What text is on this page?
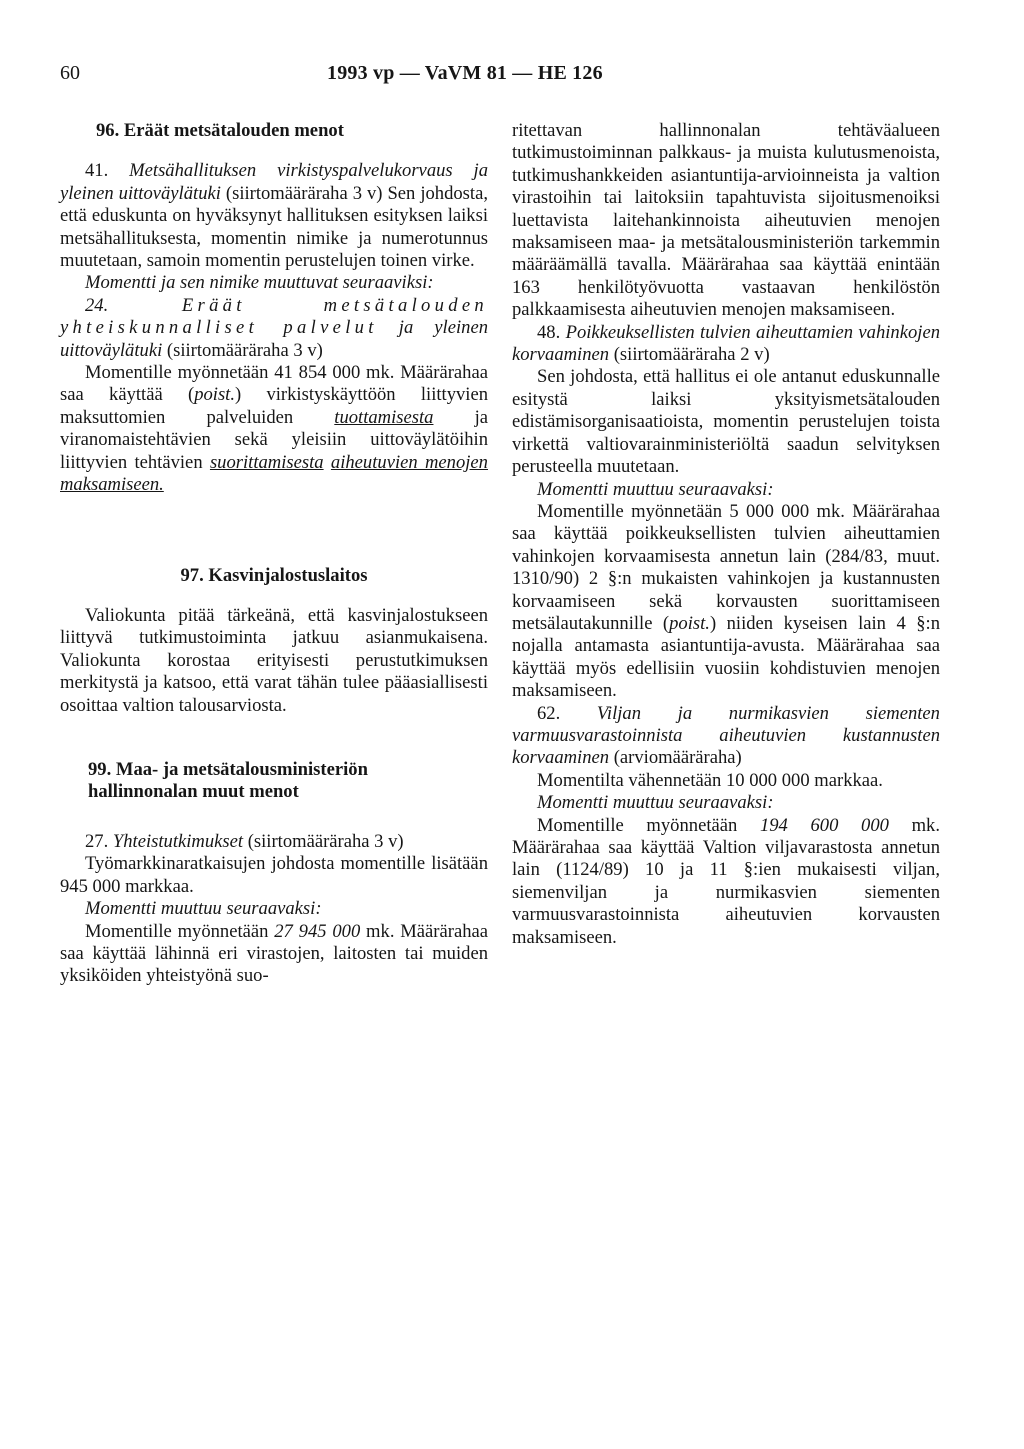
60	1993 vp — VaVM 81 — HE 126

96. Eräät metsätalouden menot

41. Metsähallituksen virkistyspalvelukorvaus ja yleinen uittoväylätuki (siirtomääräraha 3 v) Sen johdosta, että eduskunta on hyväksynyt hallituksen esityksen laiksi metsähallituksesta, momentin nimike ja numerotunnus muutetaan, samoin momentin perustelujen toinen virke.

Momentti ja sen nimike muuttuvat seuraaviksi:

24.	Eräät metsätalouden yhteiskunnalliset palvelut ja yleinen uittoväylätuki (siirtomääräraha 3 v)

Momentille myönnetään 41 854 000 mk. Määrärahaa saa käyttää (poist.) virkistyskäyttöön liittyvien maksuttomien palveluiden tuottamisesta ja viranomaistehtävien sekä yleisiin uittoväylätöihin liittyvien tehtävien suorittamisesta aiheutuvien menojen maksamiseen.

97. Kasvinjalostuslaitos

Valiokunta pitää tärkeänä, että kasvinjalostukseen liittyvä tutkimustoiminta jatkuu asianmukaisena. Valiokunta korostaa erityisesti perustutkimuksen merkitystä ja katsoo, että varat tähän tulee pääasiallisesti osoittaa valtion talousarviosta.

99. Maa- ja metsätalousministeriön hallinnonalan muut menot

27. Yhteistutkimukset (siirtomääräraha 3 v)

Työmarkkinaratkaisujen johdosta momentille lisätään 945 000 markkaa.

Momentti muuttuu seuraavaksi:

Momentille myönnetään 27 945 000 mk. Määrärahaa saa käyttää lähinnä eri virastojen, laitosten tai muiden yksiköiden yhteistyönä suo-

ritettavan hallinnonalan tehtäväalueen tutkimustoiminnan palkkaus- ja muista kulutusmenoista, tutkimushankkeiden asiantuntija-arvioinneista ja valtion virastoihin tai laitoksiin tapahtuvista sijoitusmenoiksi luettavista laitehankinnoista aiheutuvien menojen maksamiseen maa- ja metsätalousministeriön tarkemmin määräämällä tavalla. Määrärahaa saa käyttää enintään 163 henkilötyövuotta vastaavan henkilöstön palkkaamisesta aiheutuvien menojen maksamiseen.

48. Poikkeuksellisten tulvien aiheuttamien vahinkojen korvaaminen (siirtomääräraha 2 v)

Sen johdosta, että hallitus ei ole antanut eduskunnalle esitystä laiksi yksityismetsätalouden edistämisorganisaatioista, momentin perustelujen toista virkettä valtiovarainministeriöltä saadun selvityksen perusteella muutetaan.

Momentti muuttuu seuraavaksi:

Momentille myönnetään 5 000 000 mk. Määrärahaa saa käyttää poikkeuksellisten tulvien aiheuttamien vahinkojen korvaamisesta annetun lain (284/83, muut. 1310/90) 2 §:n mukaisten vahinkojen ja kustannusten korvaamiseen sekä korvausten suorittamiseen metsälautakunnille (poist.) niiden kyseisen lain 4 §:n nojalla antamasta asiantuntija-avusta. Määrärahaa saa käyttää myös edellisiin vuosiin kohdistuvien menojen maksamiseen.

62. Viljan ja nurmikasvien siementen varmuusvarastoinnista aiheutuvien kustannusten korvaaminen (arviomääräraha)

Momentilta vähennetään 10 000 000 markkaa.

Momentti muuttuu seuraavaksi:

Momentille myönnetään 194 600 000 mk. Määrärahaa saa käyttää Valtion viljavarastosta annetun lain (1124/89) 10 ja 11 §:ien mukaisesti viljan, siemenviljan ja nurmikasvien siementen varmuusvarastoinnista aiheutuvien korvausten maksamiseen.
